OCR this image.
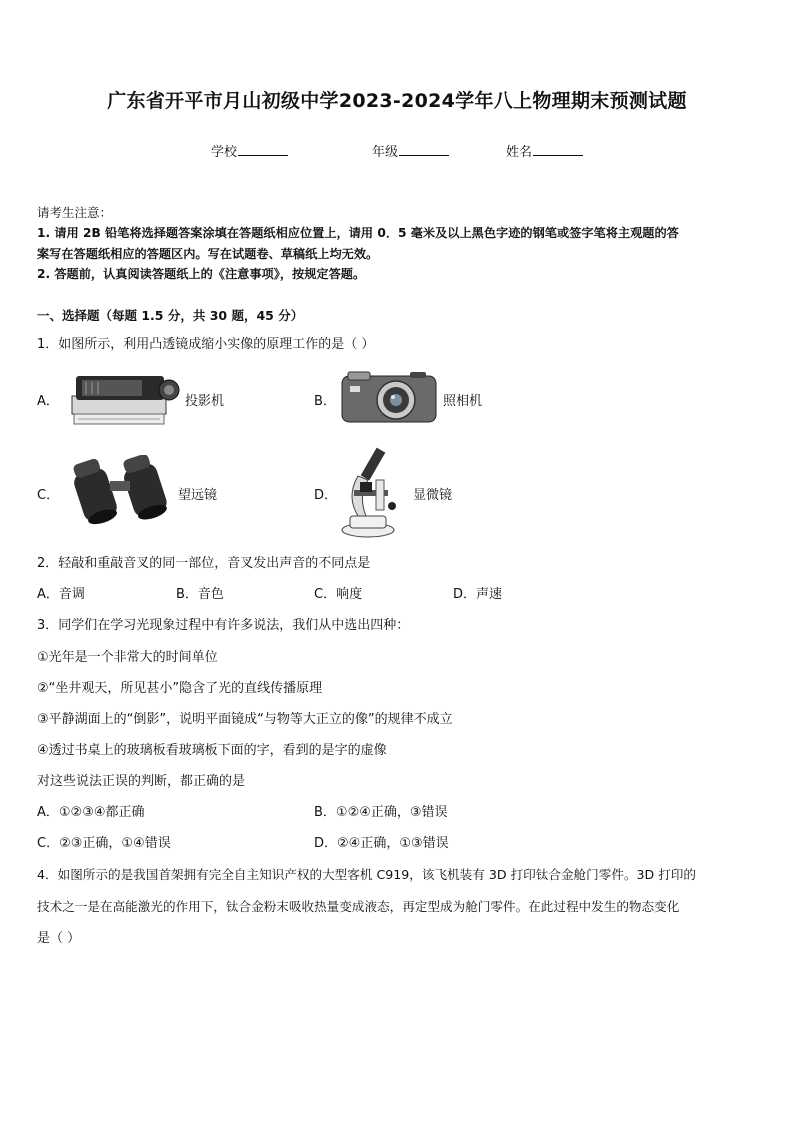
广东省开平市月山初级中学2023-2024学年八上物理期末预测试题
学校	年级	姓名
请考生注意：
1. 请用 2B 铅笔将选择题答案涂填在答题纸相应位置上，请用 0．5 毫米及以上黑色字迹的钢笔或签字笔将主观题的答
案写在答题纸相应的答题区内。写在试题卷、草稿纸上均无效。
2. 答题前，认真阅读答题纸上的《注意事项》，按规定答题。
一、选择题（每题 1.5 分，共 30 题，45 分）
1．如图所示，利用凸透镜成缩小实像的原理工作的是（ ）
A．	投影机	B．	照相机
C．	望远镜	D．	显微镜
2．轻敲和重敲音叉的同一部位，音叉发出声音的不同点是
A．音调	B．音色	C．响度	D．声速
3．同学们在学习光现象过程中有许多说法，我们从中选出四种：
①光年是一个非常大的时间单位
②“坐井观天，所见甚小”隐含了光的直线传播原理
③平静湖面上的“倒影”，说明平面镜成“与物等大正立的像”的规律不成立
④透过书桌上的玻璃板看玻璃板下面的字，看到的是字的虚像
对这些说法正误的判断，都正确的是
A．①②③④都正确	B．①②④正确，③错误
C．②③正确，①④错误	D．②④正确，①③错误
4．如图所示的是我国首架拥有完全自主知识产权的大型客机 C919，该飞机装有 3D 打印钛合金舱门零件。3D 打印的
技术之一是在高能激光的作用下，钛合金粉末吸收热量变成液态，再定型成为舱门零件。在此过程中发生的物态变化
是（ ）
